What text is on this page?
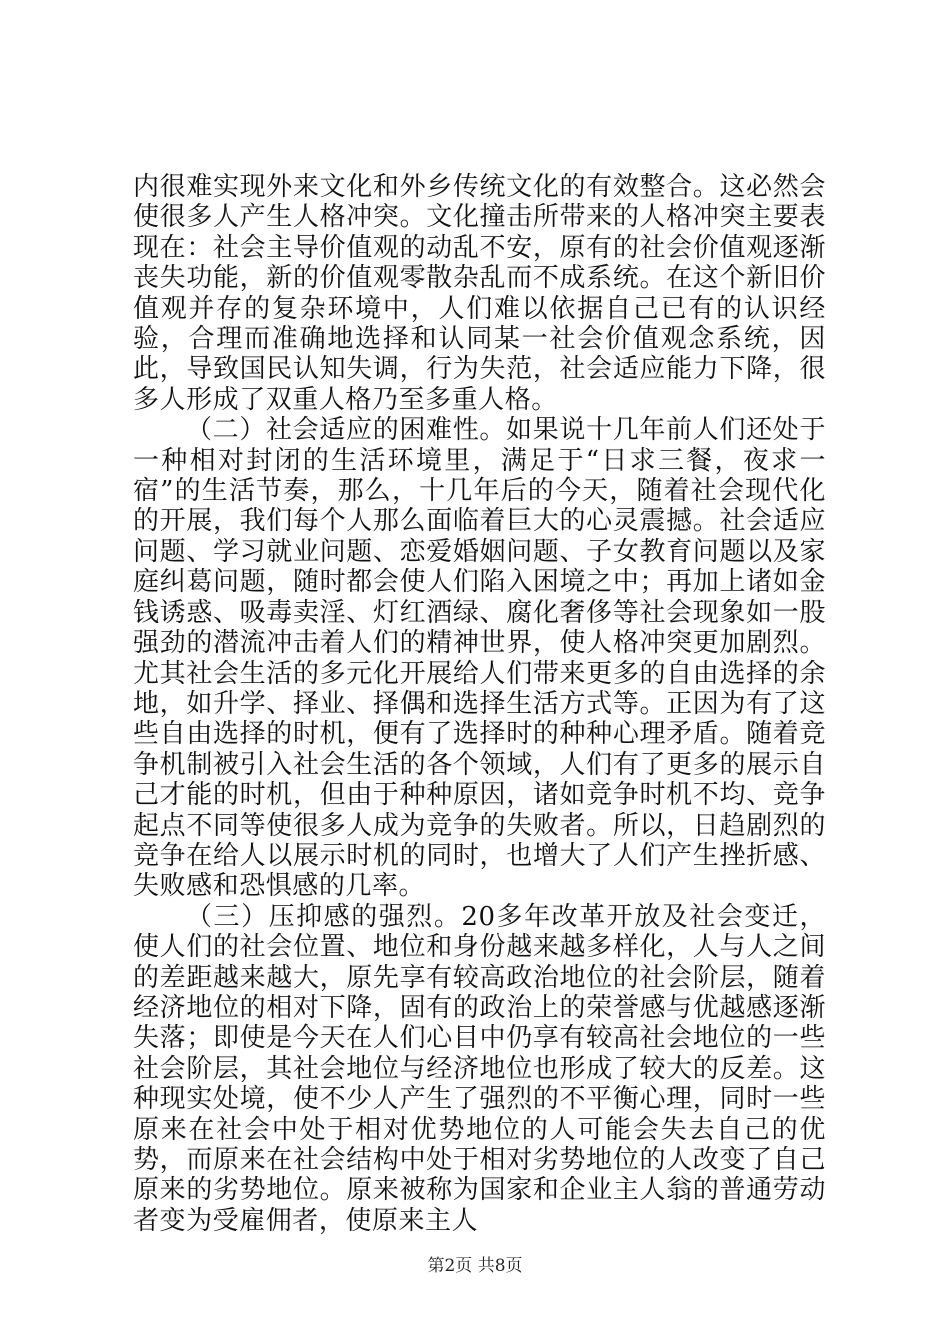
内很难实现外来文化和外乡传统文化的有效整合。这必然会使很多人产生人格冲突。文化撞击所带来的人格冲突主要表现在：社会主导价值观的动乱不安，原有的社会价值观逐渐丧失功能，新的价值观零散杂乱而不成系统。在这个新旧价值观并存的复杂环境中，人们难以依据自己已有的认识经验，合理而准确地选择和认同某一社会价值观念系统，因此，导致国民认知失调，行为失范，社会适应能力下降，很多人形成了双重人格乃至多重人格。

（二）社会适应的困难性。如果说十几年前人们还处于一种相对封闭的生活环境里，满足于“日求三餐，夜求一宿”的生活节奏，那么，十几年后的今天，随着社会现代化的开展，我们每个人那么面临着巨大的心灵震撼。社会适应问题、学习就业问题、恋爱婚姻问题、子女教育问题以及家庭纠葛问题，随时都会使人们陷入困境之中；再加上诸如金钱诱惑、吸毒卖淫、灯红酒绿、腐化奢侈等社会现象如一股强劲的潜流冲击着人们的精神世界，使人格冲突更加剧烈。尤其社会生活的多元化开展给人们带来更多的自由选择的余地，如升学、择业、择偶和选择生活方式等。正因为有了这些自由选择的时机，便有了选择时的种种心理矛盾。随着竞争机制被引入社会生活的各个领域，人们有了更多的展示自己才能的时机，但由于种种原因，诸如竞争时机不均、竞争起点不同等使很多人成为竞争的失败者。所以，日趋剧烈的竞争在给人以展示时机的同时，也增大了人们产生挫折感、失败感和恐惧感的几率。

（三）压抑感的强烈。20多年改革开放及社会变迁，使人们的社会位置、地位和身份越来越多样化，人与人之间的差距越来越大，原先享有较高政治地位的社会阶层，随着经济地位的相对下降，固有的政治上的荣誉感与优越感逐渐失落；即使是今天在人们心目中仍享有较高社会地位的一些社会阶层，其社会地位与经济地位也形成了较大的反差。这种现实处境，使不少人产生了强烈的不平衡心理，同时一些原来在社会中处于相对优势地位的人可能会失去自己的优势，而原来在社会结构中处于相对劣势地位的人改变了自己原来的劣势地位。原来被称为国家和企业主人翁的普通劳动者变为受雇佣者，使原来主人

第2页 共8页
